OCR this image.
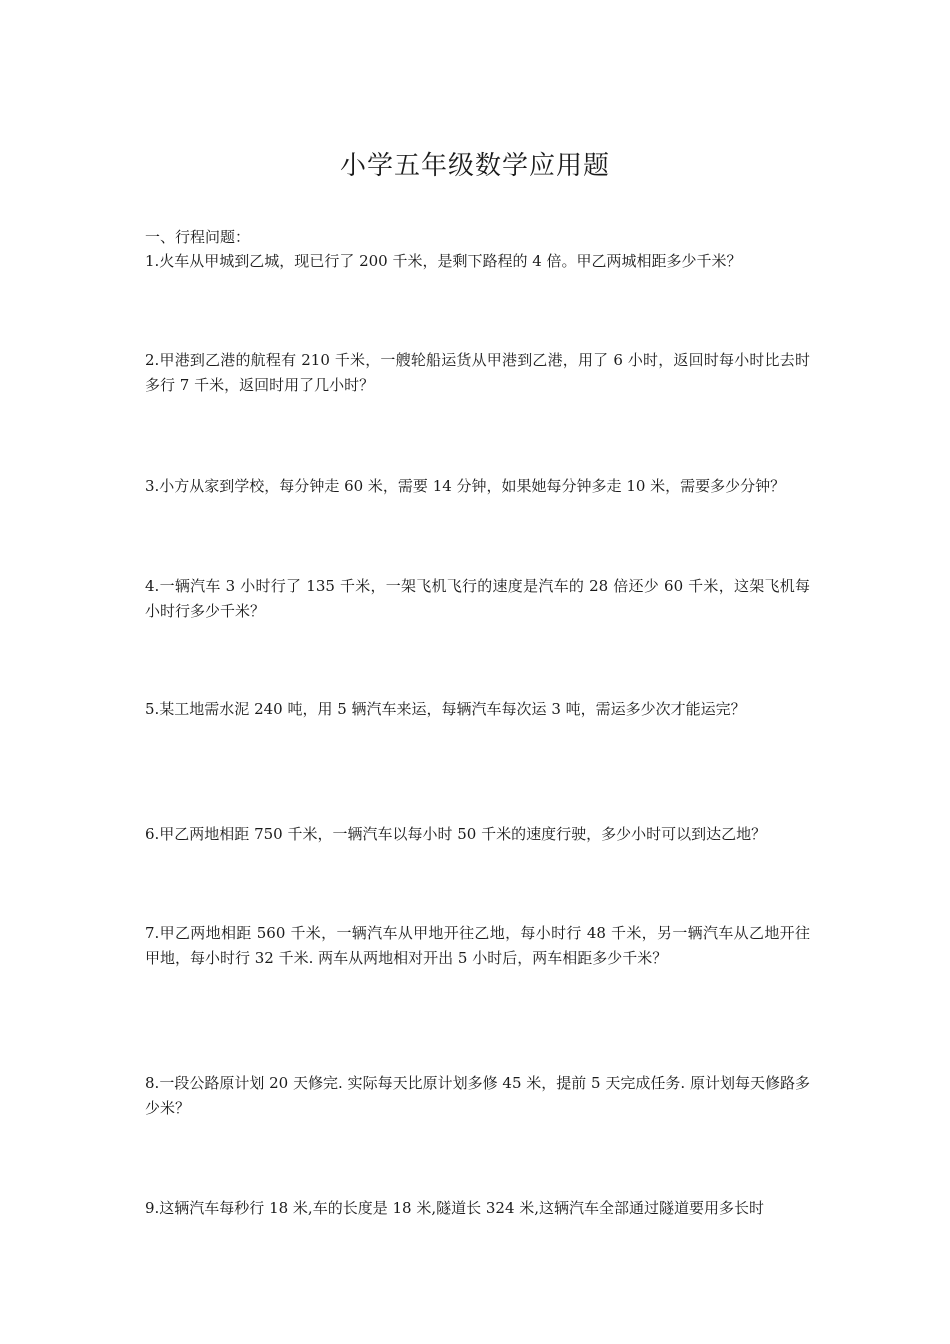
小学五年级数学应用题
一、行程问题：
1.火车从甲城到乙城，现已行了 200 千米，是剩下路程的 4 倍。甲乙两城相距多少千米？
2.甲港到乙港的航程有 210 千米，一艘轮船运货从甲港到乙港，用了 6 小时，返回时每小时比去时多行 7 千米，返回时用了几小时？
3.小方从家到学校，每分钟走 60 米，需要 14 分钟，如果她每分钟多走 10 米，需要多少分钟？
4.一辆汽车 3 小时行了 135 千米，一架飞机飞行的速度是汽车的 28 倍还少 60 千米，这架飞机每小时行多少千米？
5.某工地需水泥 240 吨，用 5 辆汽车来运，每辆汽车每次运 3 吨，需运多少次才能运完？
6.甲乙两地相距 750 千米，一辆汽车以每小时 50 千米的速度行驶，多少小时可以到达乙地？
7.甲乙两地相距 560 千米，一辆汽车从甲地开往乙地，每小时行 48 千米，另一辆汽车从乙地开往甲地，每小时行 32 千米. 两车从两地相对开出 5 小时后，两车相距多少千米？
8.一段公路原计划 20 天修完. 实际每天比原计划多修 45 米，提前 5 天完成任务. 原计划每天修路多少米？
9.这辆汽车每秒行 18 米,车的长度是 18 米,隧道长 324 米,这辆汽车全部通过隧道要用多长时
